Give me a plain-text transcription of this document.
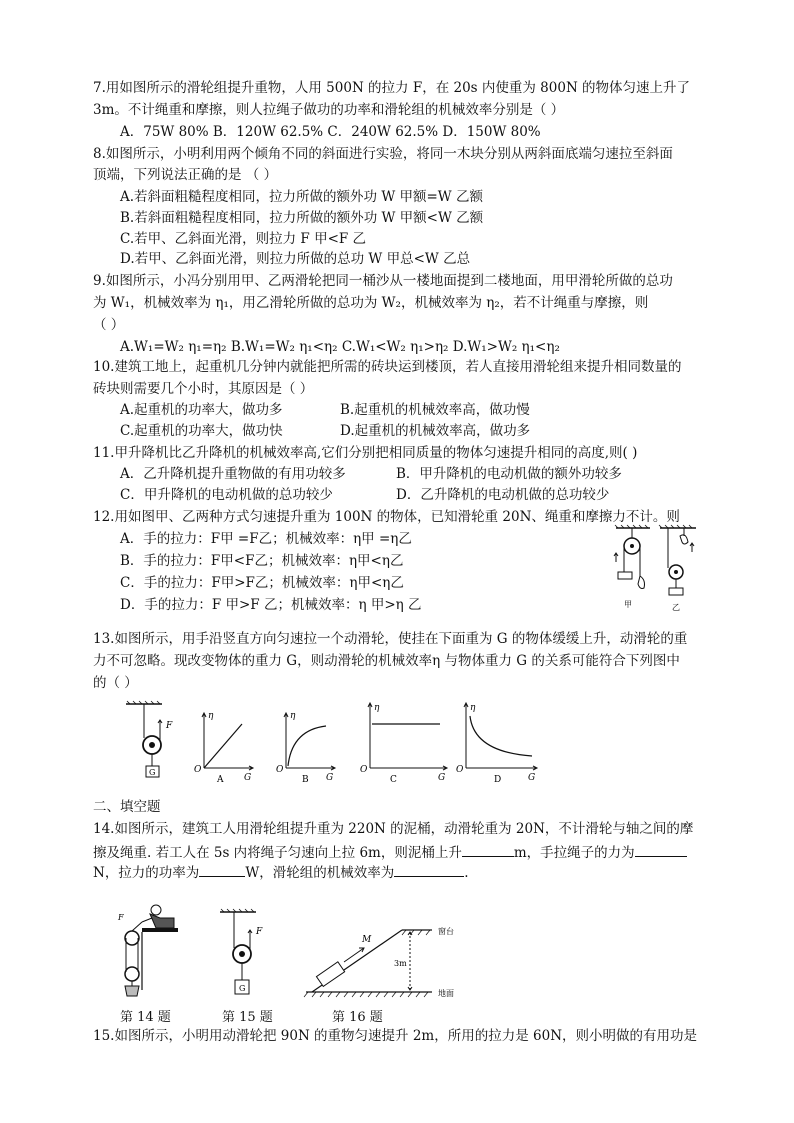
7.用如图所示的滑轮组提升重物，人用 500N 的拉力 F，在 20s 内使重为 800N 的物体匀速上升了
3m。不计绳重和摩擦，则人拉绳子做功的功率和滑轮组的机械效率分别是（ ）
A．75W 80% B．120W 62.5% C．240W 62.5% D．150W 80%
8.如图所示，小明利用两个倾角不同的斜面进行实验，将同一木块分别从两斜面底端匀速拉至斜面
顶端，下列说法正确的是 （ ）
A.若斜面粗糙程度相同，拉力所做的额外功 W 甲额=W 乙额
B.若斜面粗糙程度相同，拉力所做的额外功 W 甲额<W 乙额
C.若甲、乙斜面光滑，则拉力 F 甲<F 乙
D.若甲、乙斜面光滑，则拉力所做的总功 W 甲总<W 乙总
9.如图所示，小冯分别用甲、乙两滑轮把同一桶沙从一楼地面提到二楼地面，用甲滑轮所做的总功
为 W₁，机械效率为 η₁，用乙滑轮所做的总功为 W₂，机械效率为 η₂，若不计绳重与摩擦，则
（ ）
A.W₁=W₂ η₁=η₂ B.W₁=W₂ η₁<η₂ C.W₁<W₂ η₁>η₂ D.W₁>W₂ η₁<η₂
10.建筑工地上，起重机几分钟内就能把所需的砖块运到楼顶，若人直接用滑轮组来提升相同数量的
砖块则需要几个小时，其原因是（ ）
A.起重机的功率大，做功多	B.起重机的机械效率高，做功慢
C.起重机的功率大，做功快	D.起重机的机械效率高，做功多
11.甲升降机比乙升降机的机械效率高,它们分别把相同质量的物体匀速提升相同的高度,则( )
A．乙升降机提升重物做的有用功较多	B．甲升降机的电动机做的额外功较多
C．甲升降机的电动机做的总功较少	D．乙升降机的电动机做的总功较少
12.用如图甲、乙两种方式匀速提升重为 100N 的物体，已知滑轮重 20N、绳重和摩擦力不计。则
A．手的拉力：F甲 =F乙；机械效率：η甲 =η乙
B．手的拉力：F甲<F乙；机械效率：η甲<η乙
C．手的拉力：F甲>F乙；机械效率：η甲<η乙
D．手的拉力：F 甲>F 乙；机械效率：η 甲>η 乙	甲	乙
13.如图所示，用手沿竖直方向匀速拉一个动滑轮，使挂在下面重为 G 的物体缓缓上升，动滑轮的重
力不可忽略。现改变物体的重力 G，则动滑轮的机械效率η 与物体重力 G 的关系可能符合下列图中
的（ ）
G
F
η
O
G
A
η
O
G
B
η
O
G
C
η
O
G
D
二、填空题
14.如图所示，建筑工人用滑轮组提升重为 220N 的泥桶，动滑轮重为 20N，不计滑轮与轴之间的摩
擦及绳重. 若工人在 5s 内将绳子匀速向上拉 6m，则泥桶上升	m，手拉绳子的力为
N，拉力的功率为	W，滑轮组的机械效率为	.
F
第 14 题
G
F
第 15 题
M
3m
窗台
地面
第 16 题
15.如图所示，小明用动滑轮把 90N 的重物匀速提升 2m，所用的拉力是 60N，则小明做的有用功是
